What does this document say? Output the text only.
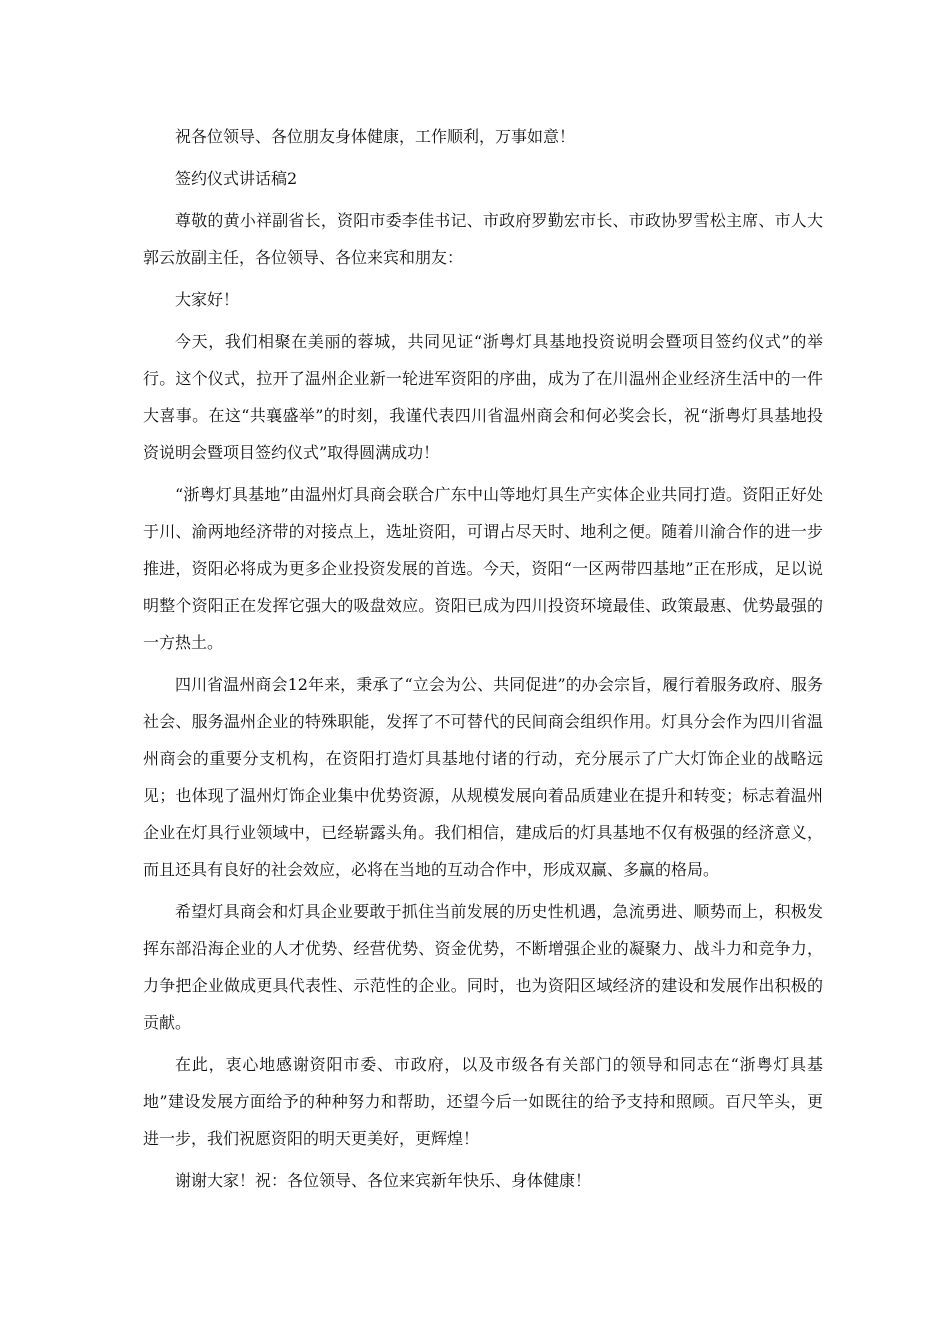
祝各位领导、各位朋友身体健康，工作顺利，万事如意！

签约仪式讲话稿2

尊敬的黄小祥副省长，资阳市委李佳书记、市政府罗勤宏市长、市政协罗雪松主席、市人大郭云放副主任，各位领导、各位来宾和朋友：

大家好！

今天，我们相聚在美丽的蓉城，共同见证“浙粤灯具基地投资说明会暨项目签约仪式”的举行。这个仪式，拉开了温州企业新一轮进军资阳的序曲，成为了在川温州企业经济生活中的一件大喜事。在这“共襄盛举”的时刻，我谨代表四川省温州商会和何必奖会长，祝“浙粤灯具基地投资说明会暨项目签约仪式”取得圆满成功！

“浙粤灯具基地”由温州灯具商会联合广东中山等地灯具生产实体企业共同打造。资阳正好处于川、渝两地经济带的对接点上，选址资阳，可谓占尽天时、地利之便。随着川渝合作的进一步推进，资阳必将成为更多企业投资发展的首选。今天，资阳“一区两带四基地”正在形成，足以说明整个资阳正在发挥它强大的吸盘效应。资阳已成为四川投资环境最佳、政策最惠、优势最强的一方热土。

四川省温州商会12年来，秉承了“立会为公、共同促进”的办会宗旨，履行着服务政府、服务社会、服务温州企业的特殊职能，发挥了不可替代的民间商会组织作用。灯具分会作为四川省温州商会的重要分支机构，在资阳打造灯具基地付诸的行动，充分展示了广大灯饰企业的战略远见；也体现了温州灯饰企业集中优势资源，从规模发展向着品质建业在提升和转变；标志着温州企业在灯具行业领域中，已经崭露头角。我们相信，建成后的灯具基地不仅有极强的经济意义，而且还具有良好的社会效应，必将在当地的互动合作中，形成双赢、多赢的格局。

希望灯具商会和灯具企业要敢于抓住当前发展的历史性机遇，急流勇进、顺势而上，积极发挥东部沿海企业的人才优势、经营优势、资金优势，不断增强企业的凝聚力、战斗力和竞争力，力争把企业做成更具代表性、示范性的企业。同时，也为资阳区域经济的建设和发展作出积极的贡献。

在此，衷心地感谢资阳市委、市政府，以及市级各有关部门的领导和同志在“浙粤灯具基地”建设发展方面给予的种种努力和帮助，还望今后一如既往的给予支持和照顾。百尺竿头，更进一步，我们祝愿资阳的明天更美好，更辉煌！

谢谢大家！祝：各位领导、各位来宾新年快乐、身体健康！
